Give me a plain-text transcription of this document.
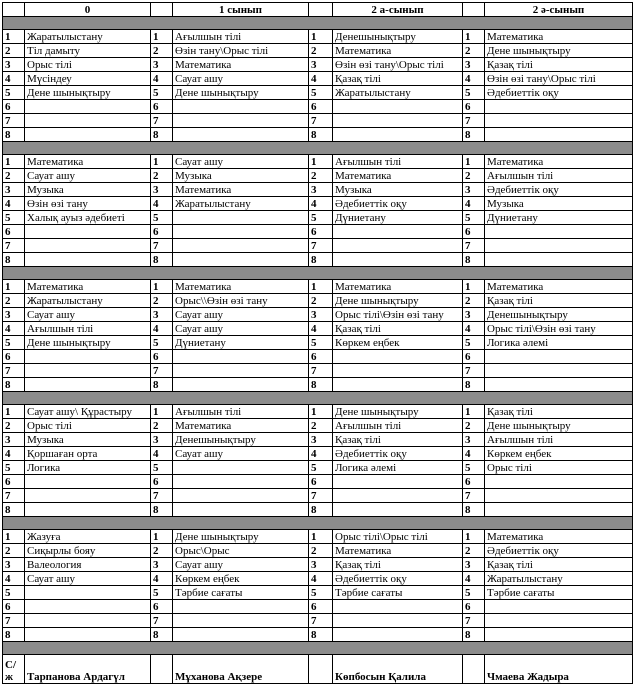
	0		1 сынып		2 а-сынып		2 ә-сынып

1	Жаратылыстану	1	Ағылшын тілі	1	Денешынықтыру	1	Математика
2	Тіл дамыту	2	Өзін тану\Орыс тілі	2	Математика	2	Дене шынықтыру
3	Орыс тілі	3	Математика	3	Өзін өзі тану\Орыс тілі	3	Қазақ тілі
4	Мүсіндеу	4	Сауат ашу	4	Қазақ тілі	4	Өзін өзі тану\Орыс тілі
5	Дене шынықтыру	5	Дене шынықтыру	5	Жаратылыстану	5	Әдебиеттік оқу
6		6		6		6	
7		7		7		7	
8		8		8		8	

1	Математика	1	Сауат ашу	1	Ағылшын тілі	1	Математика
2	Сауат ашу	2	Музыка	2	Математика	2	Ағылшын тілі
3	Музыка	3	Математика	3	Музыка	3	Әдебиеттік оқу
4	Өзін өзі тану	4	Жаратылыстану	4	Әдебиеттік оқу	4	Музыка
5	Халық ауыз әдебиеті	5		5	Дүниетану	5	Дүниетану
6		6		6		6	
7		7		7		7	
8		8		8		8	

1	Математика	1	Математика	1	Математика	1	Математика
2	Жаратылыстану	2	Орыс\\Өзін өзі тану	2	Дене шынықтыру	2	Қазақ тілі
3	Сауат ашу	3	Сауат ашу	3	Орыс тілі\Өзін өзі тану	3	Денешынықтыру
4	Ағылшын тілі	4	Сауат ашу	4	Қазақ тілі	4	Орыс тілі\Өзін өзі тану
5	Дене шынықтыру	5	Дүниетану	5	Көркем еңбек	5	Логика әлемі
6		6		6		6	
7		7		7		7	
8		8		8		8	

1	Сауат ашу\ Құрастыру	1	Ағылшын тілі	1	Дене шынықтыру	1	Қазақ тілі
2	Орыс тілі	2	Математика	2	Ағылшын тілі	2	Дене шынықтыру
3	Музыка	3	Денешынықтыру	3	Қазақ тілі	3	Ағылшын тілі
4	Қоршаған орта	4	Сауат ашу	4	Әдебиеттік оқу	4	Көркем еңбек
5	Логика	5		5	Логика әлемі	5	Орыс тілі
6		6		6		6	
7		7		7		7	
8		8		8		8	

1	Жазуға	1	Дене шынықтыру	1	Орыс тілі\Орыс тілі	1	Математика
2	Сиқырлы бояу	2	Орыс\Орыс	2	Математика	2	Әдебиеттік оқу
3	Валеология	3	Сауат ашу	3	Қазақ тілі	3	Қазақ тілі
4	Сауат ашу	4	Көркем еңбек	4	Әдебиеттік оқу	4	Жаратылыстану
5		5	Тәрбие сағаты	5	Тәрбие сағаты	5	Тәрбие сағаты
6		6		6		6	
7		7		7		7	
8		8		8		8	

С/ж	Тарпанова Ардагүл		Мұханова Ақзере		Көпбосын Қалила		Чмаева Жадыра
